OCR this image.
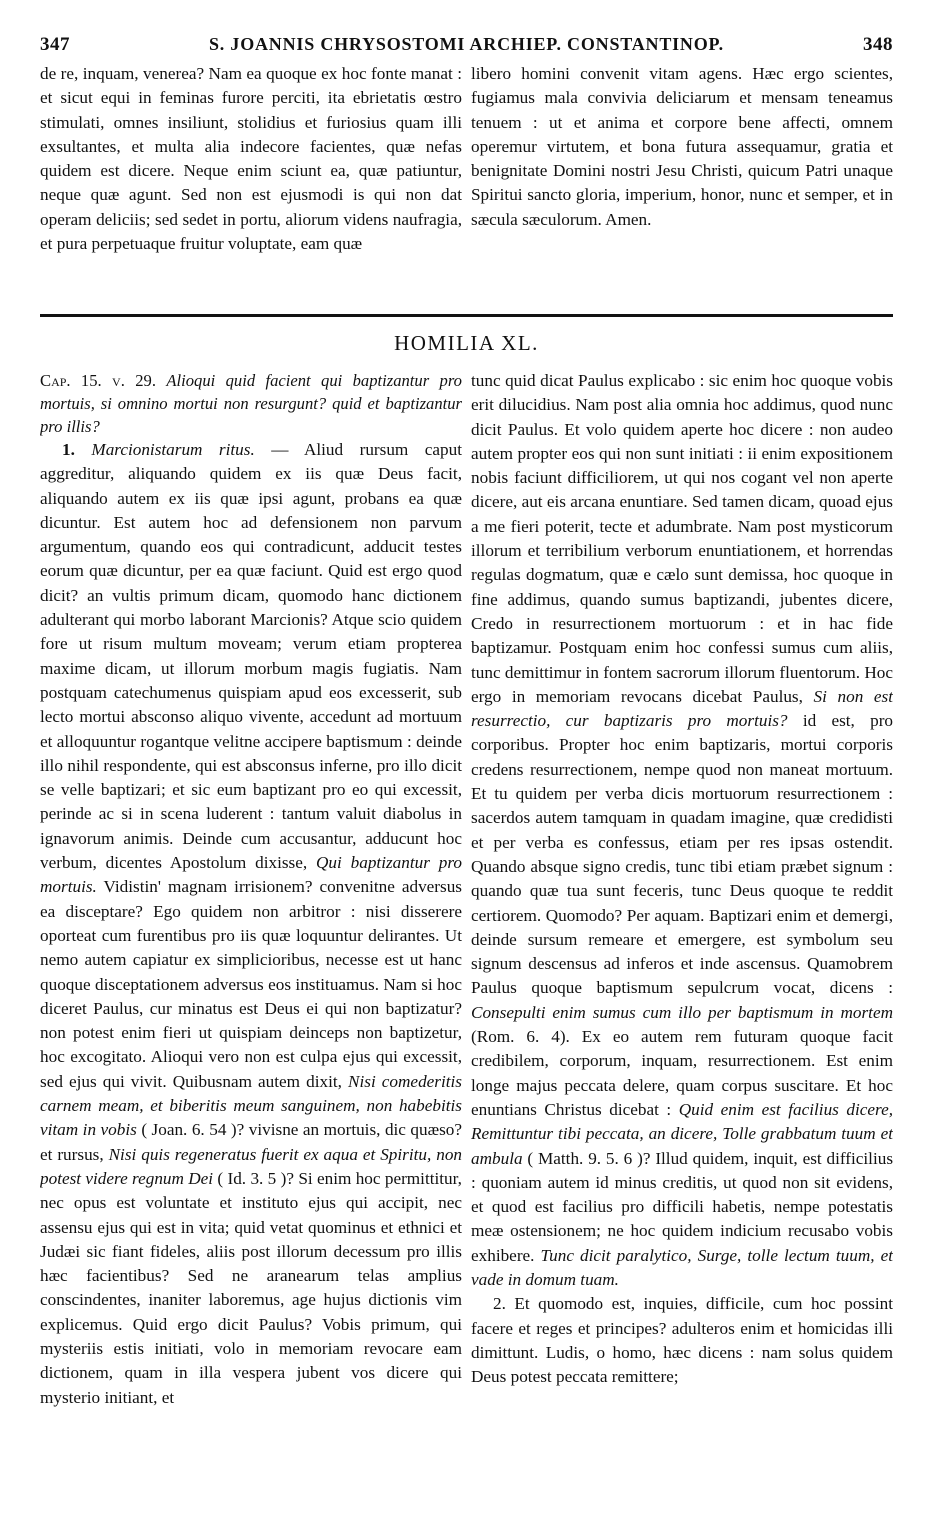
347	S. JOANNIS CHRYSOSTOMI ARCHIEP. CONSTANTINOP.	348

de re, inquam, venerea? Nam ea quoque ex hoc fonte manat : et sicut equi in feminas furore perciti, ita ebrietatis œstro stimulati, omnes insiliunt, stolidius et furiosius quam illi exsultantes, et multa alia indecore facientes, quæ nefas quidem est dicere. Neque enim sciunt ea, quæ patiuntur, neque quæ agunt. Sed non est ejusmodi is qui non dat operam deliciis; sed sedet in portu, aliorum videns naufragia, et pura perpetuaque fruitur voluptate, eam quæ

libero homini convenit vitam agens. Hæc ergo scientes, fugiamus mala convivia deliciarum et mensam teneamus tenuem : ut et anima et corpore bene affecti, omnem operemur virtutem, et bona futura assequamur, gratia et benignitate Domini nostri Jesu Christi, quicum Patri unaque Spiritui sancto gloria, imperium, honor, nunc et semper, et in sæcula sæculorum. Amen.

HOMILIA XL.

Cap. 15. v. 29. Alioqui quid facient qui baptizantur pro mortuis, si omnino mortui non resurgunt? quid et baptizantur pro illis?

1. Marcionistarum ritus. — Aliud rursum caput aggreditur, aliquando quidem ex iis quæ Deus facit, aliquando autem ex iis quæ ipsi agunt, probans ea quæ dicuntur. Est autem hoc ad defensionem non parvum argumentum, quando eos qui contradicunt, adducit testes eorum quæ dicuntur, per ea quæ faciunt. Quid est ergo quod dicit? an vultis primum dicam, quomodo hanc dictionem adulterant qui morbo laborant Marcionis? Atque scio quidem fore ut risum multum moveam; verum etiam propterea maxime dicam, ut illorum morbum magis fugiatis. Nam postquam catechumenus quispiam apud eos excesserit, sub lecto mortui absconso aliquo vivente, accedunt ad mortuum et alloquuntur rogantque velitne accipere baptismum : deinde illo nihil respondente, qui est absconsus inferne, pro illo dicit se velle baptizari; et sic eum baptizant pro eo qui excessit, perinde ac si in scena luderent : tantum valuit diabolus in ignavorum animis. Deinde cum accusantur, adducunt hoc verbum, dicentes Apostolum dixisse, Qui baptizantur pro mortuis. Vidistin' magnam irrisionem? convenitne adversus ea disceptare? Ego quidem non arbitror : nisi disserere oporteat cum furentibus pro iis quæ loquuntur delirantes. Ut nemo autem capiatur ex simplicioribus, necesse est ut hanc quoque disceptationem adversus eos instituamus. Nam si hoc diceret Paulus, cur minatus est Deus ei qui non baptizatur? non potest enim fieri ut quispiam deinceps non baptizetur, hoc excogitato. Alioqui vero non est culpa ejus qui excessit, sed ejus qui vivit. Quibusnam autem dixit, Nisi comederitis carnem meam, et biberitis meum sanguinem, non habebitis vitam in vobis ( Joan. 6. 54 )? vivisne an mortuis, dic quæso? et rursus, Nisi quis regeneratus fuerit ex aqua et Spiritu, non potest videre regnum Dei ( Id. 3. 5 )? Si enim hoc permittitur, nec opus est voluntate et instituto ejus qui accipit, nec assensu ejus qui est in vita; quid vetat quominus et ethnici et Judæi sic fiant fideles, aliis post illorum decessum pro illis hæc facientibus? Sed ne aranearum telas amplius conscindentes, inaniter laboremus, age hujus dictionis vim explicemus. Quid ergo dicit Paulus? Vobis primum, qui mysteriis estis initiati, volo in memoriam revocare eam dictionem, quam in illa vespera jubent vos dicere qui mysterio initiant, et

tunc quid dicat Paulus explicabo : sic enim hoc quoque vobis erit dilucidius. Nam post alia omnia hoc addimus, quod nunc dicit Paulus. Et volo quidem aperte hoc dicere : non audeo autem propter eos qui non sunt initiati : ii enim expositionem nobis faciunt difficiliorem, ut qui nos cogant vel non aperte dicere, aut eis arcana enuntiare. Sed tamen dicam, quoad ejus a me fieri poterit, tecte et adumbrate. Nam post mysticorum illorum et terribilium verborum enuntiationem, et horrendas regulas dogmatum, quæ e cælo sunt demissa, hoc quoque in fine addimus, quando sumus baptizandi, jubentes dicere, Credo in resurrectionem mortuorum : et in hac fide baptizamur. Postquam enim hoc confessi sumus cum aliis, tunc demittimur in fontem sacrorum illorum fluentorum. Hoc ergo in memoriam revocans dicebat Paulus, Si non est resurrectio, cur baptizaris pro mortuis? id est, pro corporibus. Propter hoc enim baptizaris, mortui corporis credens resurrectionem, nempe quod non maneat mortuum. Et tu quidem per verba dicis mortuorum resurrectionem : sacerdos autem tamquam in quadam imagine, quæ credidisti et per verba es confessus, etiam per res ipsas ostendit. Quando absque signo credis, tunc tibi etiam præbet signum : quando quæ tua sunt feceris, tunc Deus quoque te reddit certiorem. Quomodo? Per aquam. Baptizari enim et demergi, deinde sursum remeare et emergere, est symbolum seu signum descensus ad inferos et inde ascensus. Quamobrem Paulus quoque baptismum sepulcrum vocat, dicens : Consepulti enim sumus cum illo per baptismum in mortem (Rom. 6. 4). Ex eo autem rem futuram quoque facit credibilem, corporum, inquam, resurrectionem. Est enim longe majus peccata delere, quam corpus suscitare. Et hoc enuntians Christus dicebat : Quid enim est facilius dicere, Remittuntur tibi peccata, an dicere, Tolle grabbatum tuum et ambula ( Matth. 9. 5. 6 )? Illud quidem, inquit, est difficilius : quoniam autem id minus creditis, ut quod non sit evidens, et quod est facilius pro difficili habetis, nempe potestatis meæ ostensionem; ne hoc quidem indicium recusabo vobis exhibere. Tunc dicit paralytico, Surge, tolle lectum tuum, et vade in domum tuam.

2. Et quomodo est, inquies, difficile, cum hoc possint facere et reges et principes? adulteros enim et homicidas illi dimittunt. Ludis, o homo, hæc dicens : nam solus quidem Deus potest peccata remittere;
